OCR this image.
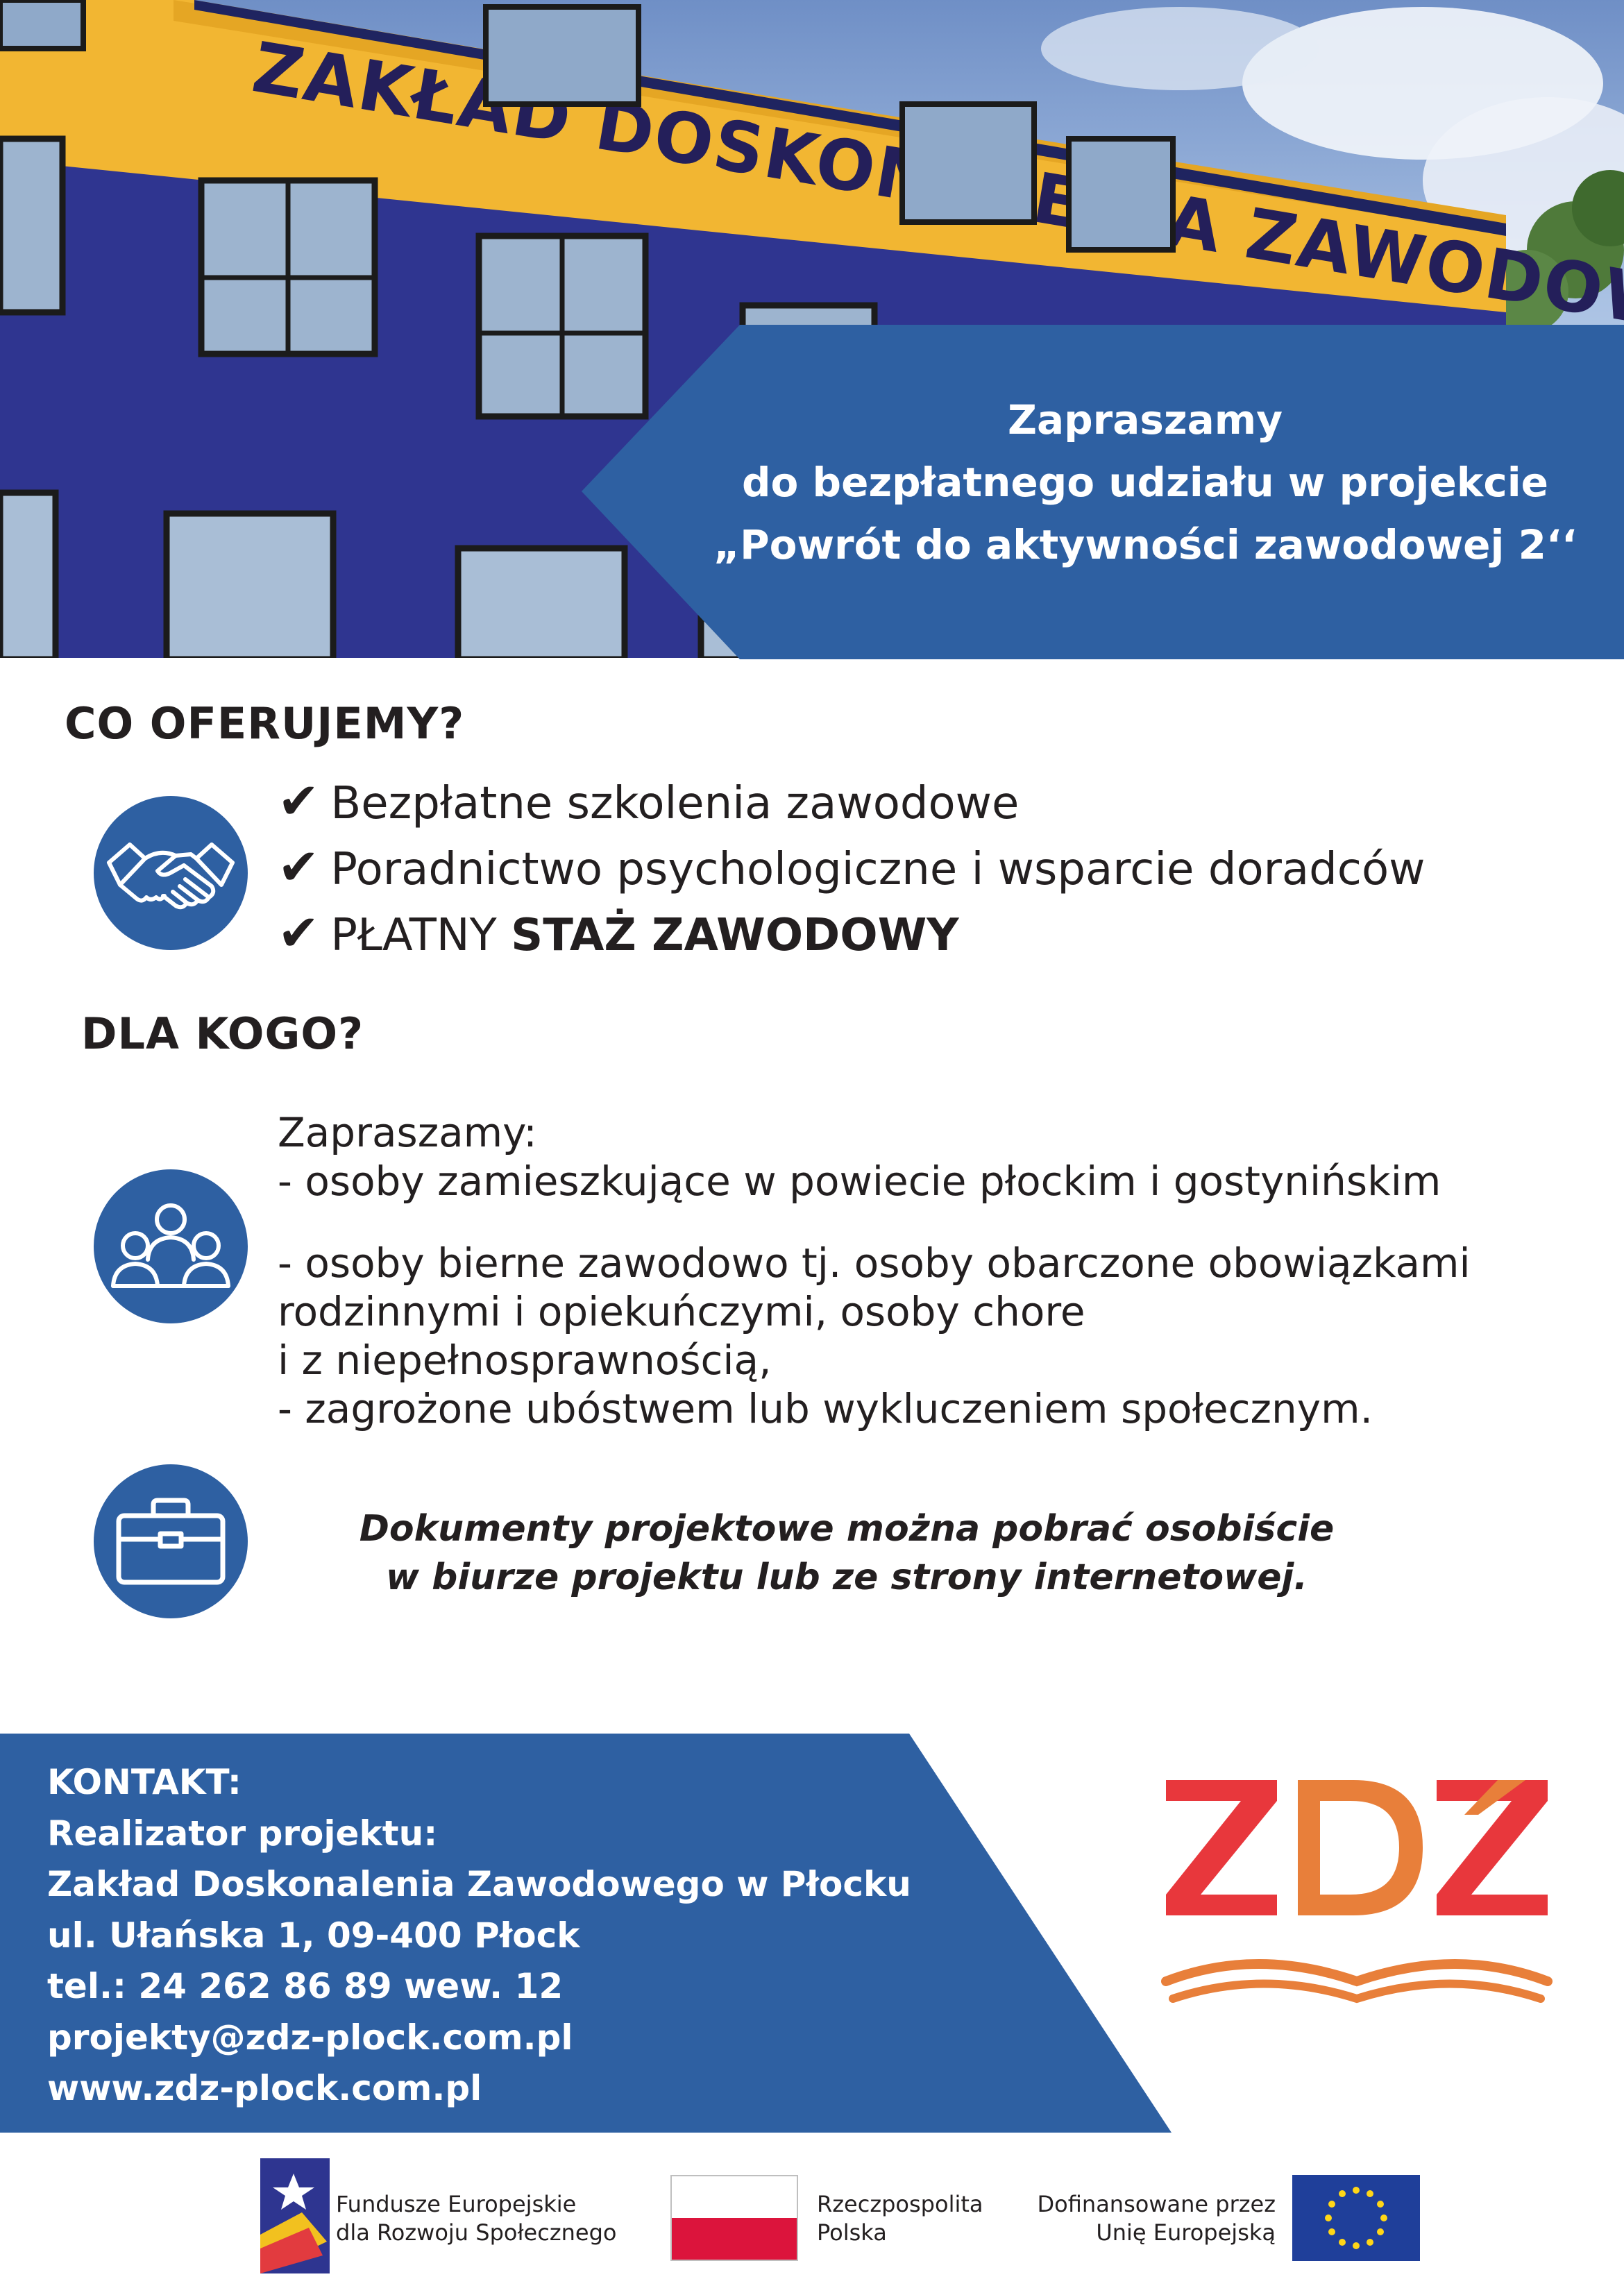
ZAKŁAD ZAWODOWEGO
Zapraszamy
do bezpłatnego udziału w projekcie
„Powrót do aktywności zawodowej 2‘‘
CO OFERUJEMY?
✔ Bezpłatne szkolenia zawodowe
✔ Poradnictwo psychologiczne i wsparcie doradców
✔ PŁATNY STAŻ ZAWODOWY
DLA KOGO?
Zapraszamy:
- osoby zamieszkujące w powiecie płockim i gostynińskim
- osoby bierne zawodowo tj. osoby obarczone obowiązkami
rodzinnymi i opiekuńczymi, osoby chore
i z niepełnosprawnością,
- zagrożone ubóstwem lub wykluczeniem społecznym.
Dokumenty projektowe można pobrać osobiście
w biurze projektu lub ze strony internetowej.
KONTAKT:
Realizator projektu:
Zakład Doskonalenia Zawodowego w Płocku
ul. Ułańska 1, 09-400 Płock
tel.: 24 262 86 89 wew. 12
projekty@zdz-plock.com.pl
www.zdz-plock.com.pl
Fundusze Europejskie
dla Rozwoju Społecznego
Rzeczpospolita
Polska
Dofinansowane przez
Unię Europejską
